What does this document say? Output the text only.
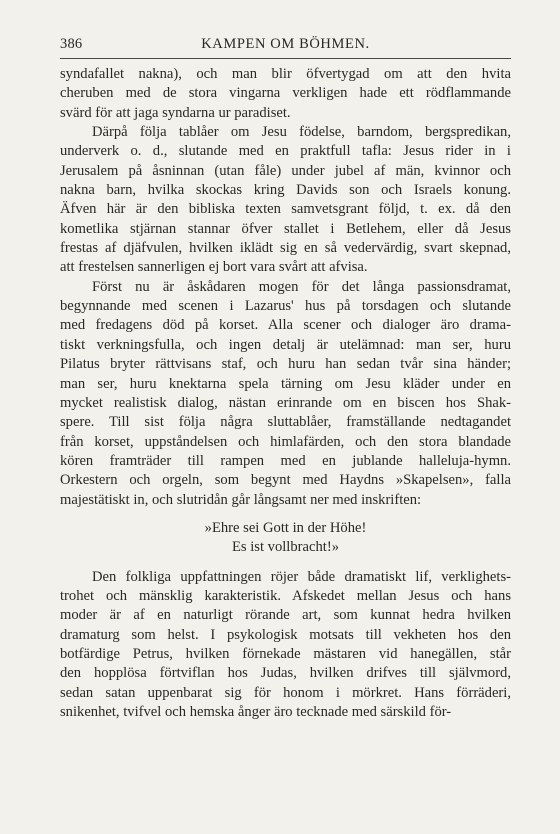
386	KAMPEN OM BÖHMEN.
syndafallet nakna), och man blir öfvertygad om att den hvita
cheruben med de stora vingarna verkligen hade ett rödflammande
svärd för att jaga syndarna ur paradiset.
Därpå följa tablåer om Jesu födelse, barndom, bergspredikan,
underverk o. d., slutande med en praktfull tafla: Jesus rider in i
Jerusalem på åsninnan (utan fåle) under jubel af män, kvinnor och
nakna barn, hvilka skockas kring Davids son och Israels konung.
Äfven här är den bibliska texten samvetsgrant följd, t. ex. då den
kometlika stjärnan stannar öfver stallet i Betlehem, eller då Jesus
frestas af djäfvulen, hvilken iklädt sig en så vedervärdig, svart skepnad,
att frestelsen sannerligen ej bort vara svårt att afvisa.
Först nu är åskådaren mogen för det långa passionsdramat,
begynnande med scenen i Lazarus' hus på torsdagen och slutande
med fredagens död på korset. Alla scener och dialoger äro drama-
tiskt verkningsfulla, och ingen detalj är utelämnad: man ser, huru
Pilatus bryter rättvisans staf, och huru han sedan tvår sina händer;
man ser, huru knektarna spela tärning om Jesu kläder under en
mycket realistisk dialog, nästan erinrande om en biscen hos Shak-
spere. Till sist följa några sluttablåer, framställande nedtagandet
från korset, uppståndelsen och himlafärden, och den stora blandade
kören framträder till rampen med en jublande halleluja-hymn.
Orkestern och orgeln, som begynt med Haydns »Skapelsen», falla
majestätiskt in, och slutridån går långsamt ner med inskriften:
»Ehre sei Gott in der Höhe!
Es ist vollbracht!»
Den folkliga uppfattningen röjer både dramatiskt lif, verklighets-
trohet och mänsklig karakteristik. Afskedet mellan Jesus och hans
moder är af en naturligt rörande art, som kunnat hedra hvilken
dramaturg som helst. I psykologisk motsats till vekheten hos den
botfärdige Petrus, hvilken förnekade mästaren vid hanegällen, står
den hopplösa förtviflan hos Judas, hvilken drifves till självmord,
sedan satan uppenbarat sig för honom i mörkret. Hans förräderi,
snikenhet, tvifvel och hemska ånger äro tecknade med särskild för-
